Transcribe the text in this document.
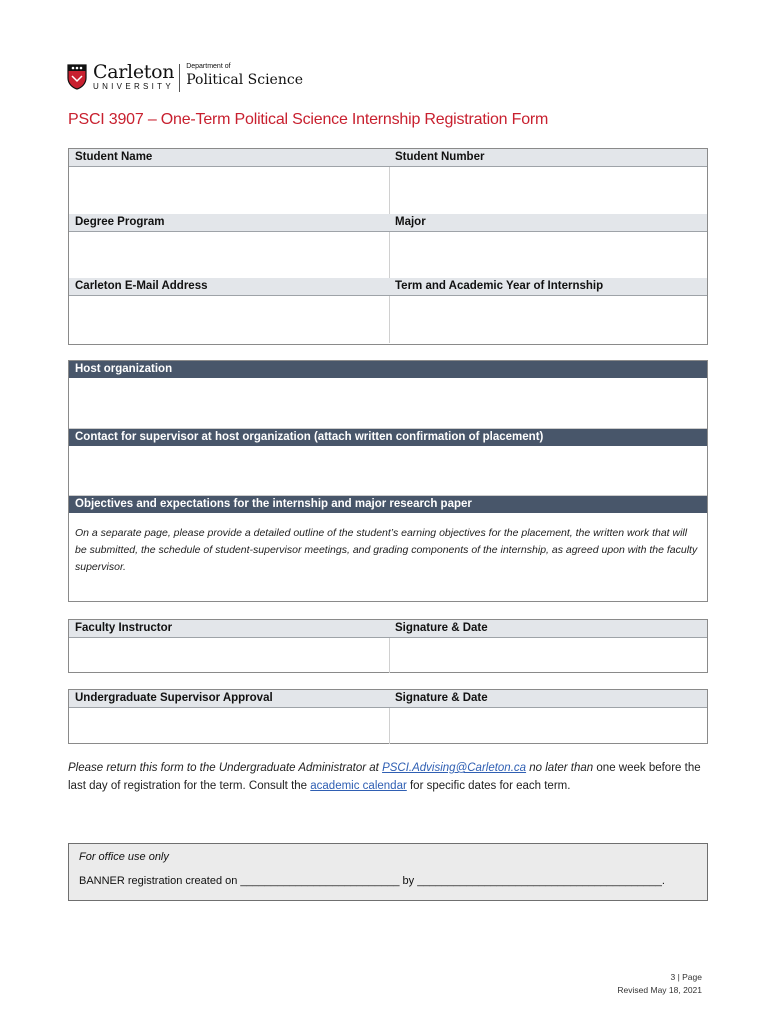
Carleton
UNIVERSITY
Department of
Political Science
PSCI 3907 – One-Term Political Science Internship Registration Form
Student Name	Student Number
Degree Program	Major
Carleton E-Mail Address	Term and Academic Year of Internship
Host organization
Contact for supervisor at host organization (attach written confirmation of placement)
Objectives and expectations for the internship and major research paper
On a separate page, please provide a detailed outline of the student’s earning objectives for the placement, the written work that will be submitted, the schedule of student-supervisor meetings, and grading components of the internship, as agreed upon with the faculty supervisor.
Faculty Instructor	Signature & Date
Undergraduate Supervisor Approval	Signature & Date
Please return this form to the Undergraduate Administrator at PSCI.Advising@Carleton.ca no later than one week before the last day of registration for the term. Consult the academic calendar for specific dates for each term.
For office use only
BANNER registration created on __________________________ by ________________________________________.
3 | Page
Revised May 18, 2021
